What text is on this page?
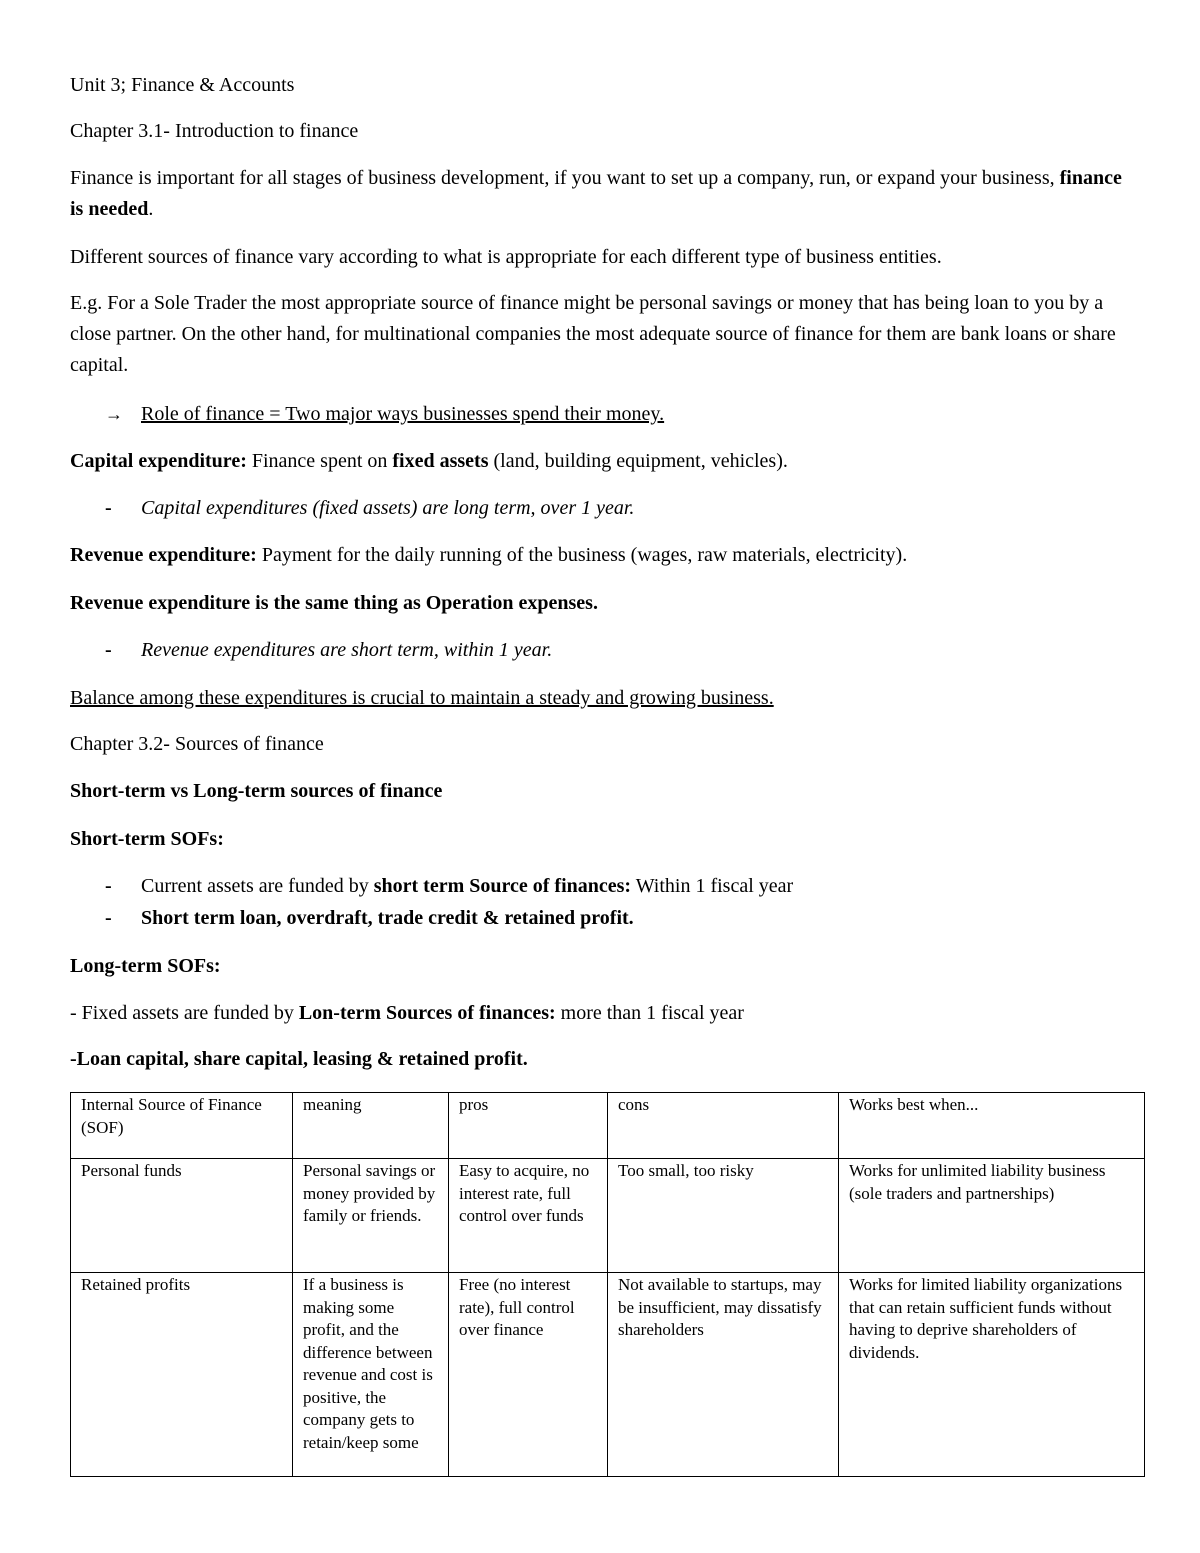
Unit 3; Finance & Accounts

Chapter 3.1- Introduction to finance

Finance is important for all stages of business development, if you want to set up a company, run, or expand your business, finance is needed.

Different sources of finance vary according to what is appropriate for each different type of business entities.

E.g. For a Sole Trader the most appropriate source of finance might be personal savings or money that has being loan to you by a close partner. On the other hand, for multinational companies the most adequate source of finance for them are bank loans or share capital.

→ Role of finance = Two major ways businesses spend their money.

Capital expenditure: Finance spent on fixed assets (land, building equipment, vehicles).

- Capital expenditures (fixed assets) are long term, over 1 year.

Revenue expenditure: Payment for the daily running of the business (wages, raw materials, electricity).

Revenue expenditure is the same thing as Operation expenses.

- Revenue expenditures are short term, within 1 year.

Balance among these expenditures is crucial to maintain a steady and growing business.

Chapter 3.2- Sources of finance

Short-term vs Long-term sources of finance

Short-term SOFs:

- Current assets are funded by short term Source of finances: Within 1 fiscal year

- Short term loan, overdraft, trade credit & retained profit.

Long-term SOFs:

- Fixed assets are funded by Lon-term Sources of finances: more than 1 fiscal year

-Loan capital, share capital, leasing & retained profit.

Internal Source of Finance (SOF)	meaning	pros	cons	Works best when...
Personal funds	Personal savings or money provided by family or friends.	Easy to acquire, no interest rate, full control over funds	Too small, too risky	Works for unlimited liability business (sole traders and partnerships)
Retained profits	If a business is making some profit, and the difference between revenue and cost is positive, the company gets to retain/keep some	Free (no interest rate), full control over finance	Not available to startups, may be insufficient, may dissatisfy shareholders	Works for limited liability organizations that can retain sufficient funds without having to deprive shareholders of dividends.
